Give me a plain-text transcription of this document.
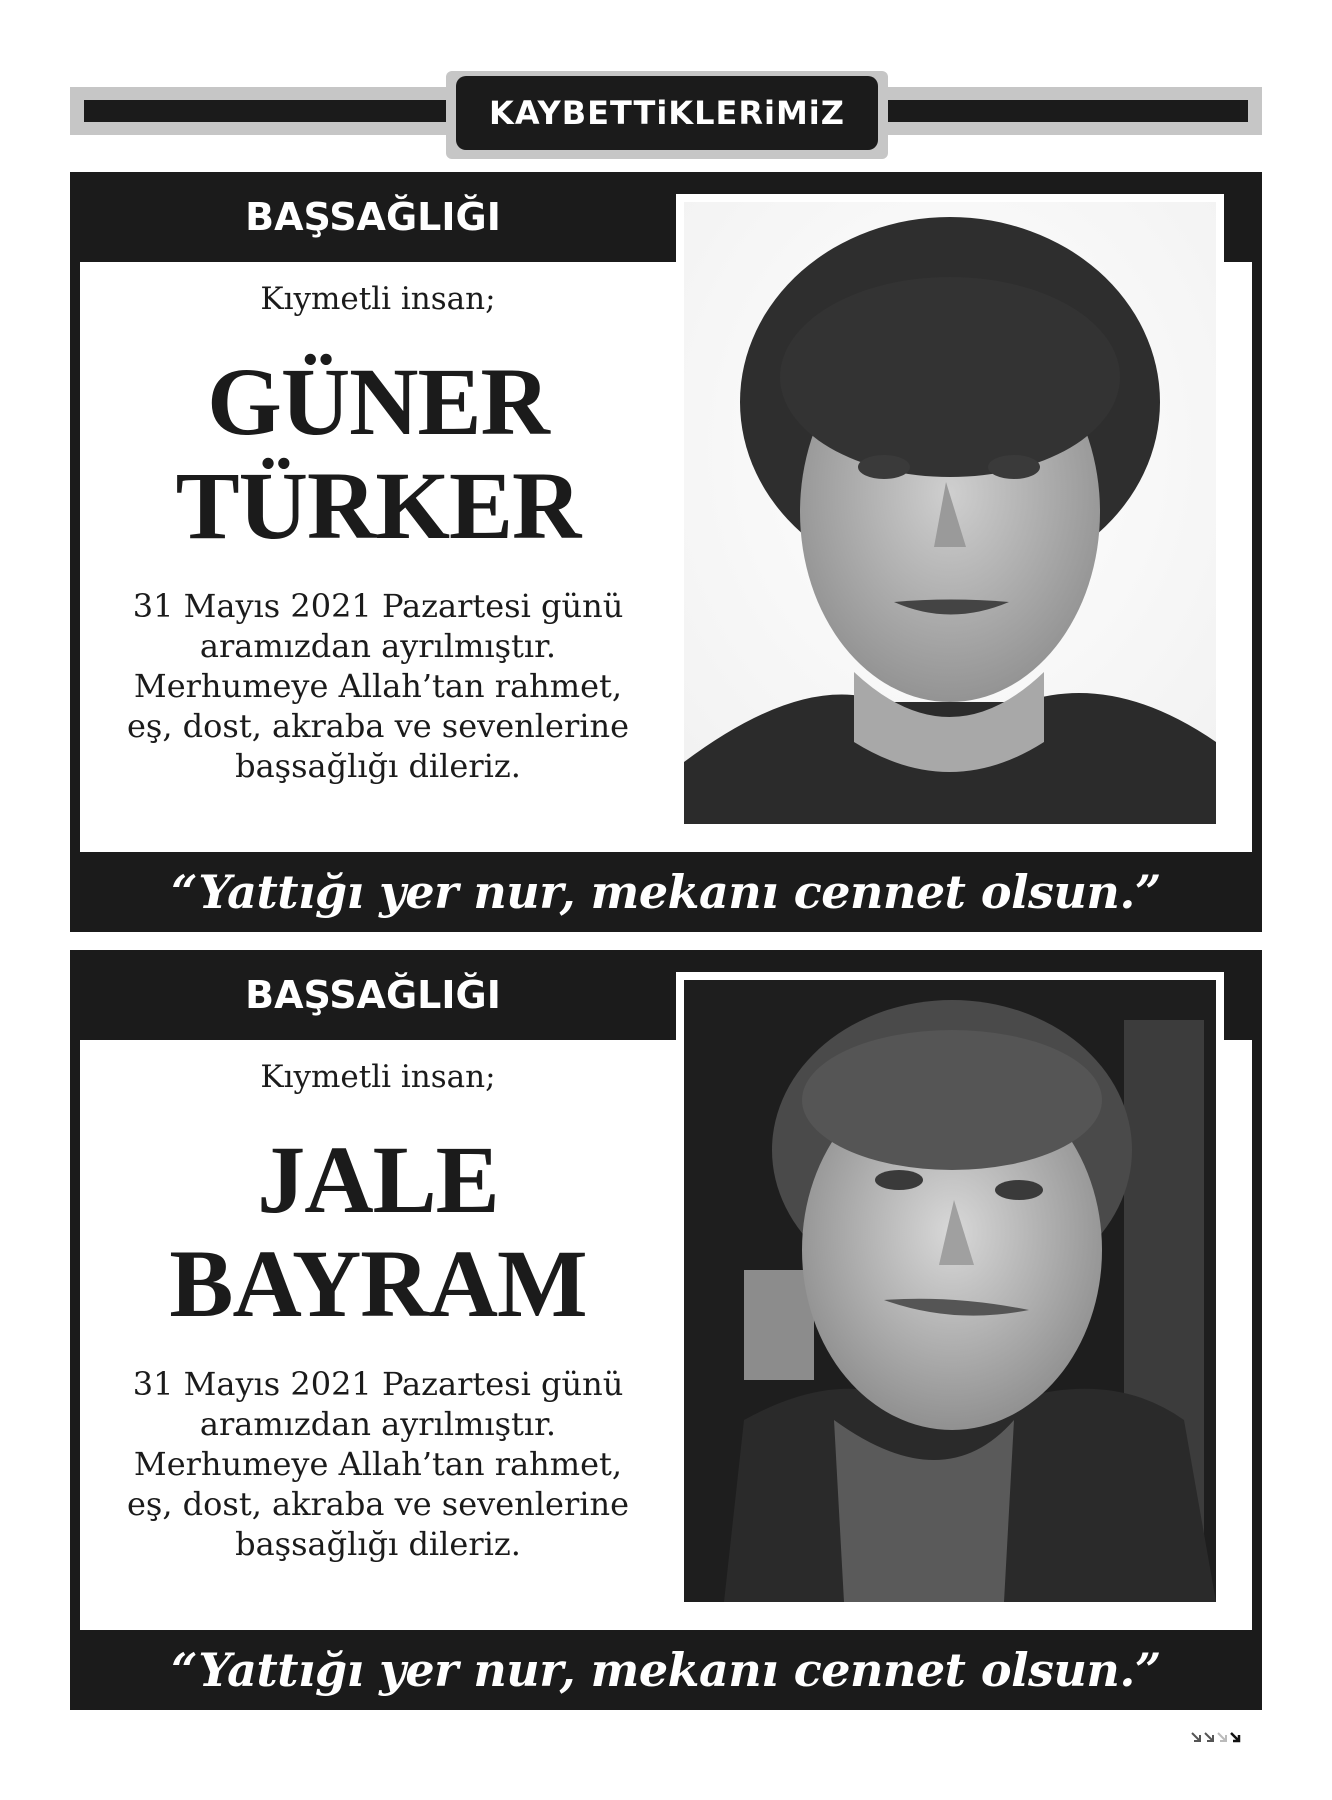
KAYBETTiKLERiMiZ
BAŞSAĞLIĞI
Kıymetli insan;
GÜNER
TÜRKER
31 Mayıs 2021 Pazartesi günü
aramızdan ayrılmıştır.
Merhumeye Allah’tan rahmet,
eş, dost, akraba ve sevenlerine
başsağlığı dileriz.
“Yattığı yer nur, mekanı cennet olsun.”
BAŞSAĞLIĞI
Kıymetli insan;
JALE
BAYRAM
31 Mayıs 2021 Pazartesi günü
aramızdan ayrılmıştır.
Merhumeye Allah’tan rahmet,
eş, dost, akraba ve sevenlerine
başsağlığı dileriz.
“Yattığı yer nur, mekanı cennet olsun.”
